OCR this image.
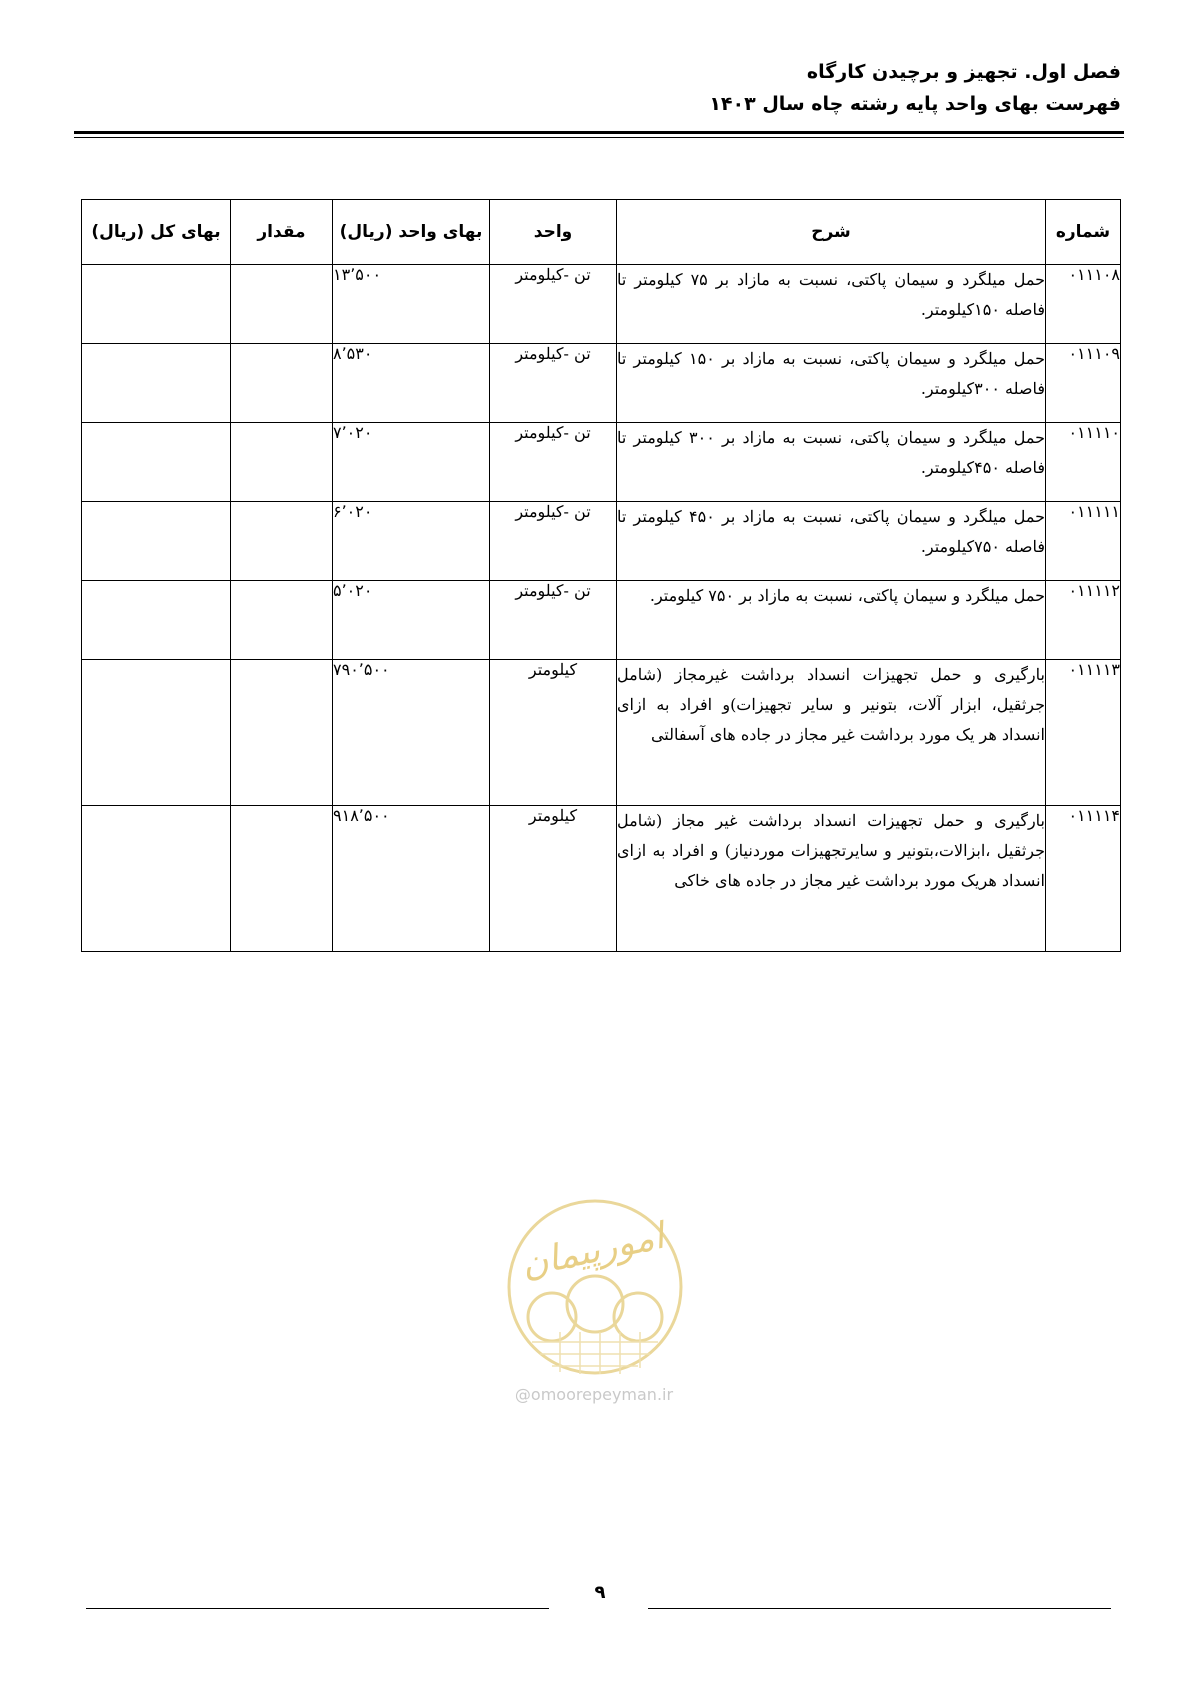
فصل اول. تجهیز و برچیدن کارگاه
فهرست بهای واحد پایه رشته چاه سال ۱۴۰۳
شماره	شرح	واحد	بهای واحد (ریال)	مقدار	بهای کل (ریال)
۰۱۱۱۰۸	حمل میلگرد و سیمان پاکتی، نسبت به مازاد بر ۷۵ کیلومتر تا فاصله ۱۵۰کیلومتر.	تن -کیلومتر	۱۳٬۵۰۰		
۰۱۱۱۰۹	حمل میلگرد و سیمان پاکتی، نسبت به مازاد بر ۱۵۰ کیلومتر تا فاصله ۳۰۰کیلومتر.	تن -کیلومتر	۸٬۵۳۰		
۰۱۱۱۱۰	حمل میلگرد و سیمان پاکتی، نسبت به مازاد بر ۳۰۰ کیلومتر تا فاصله ۴۵۰کیلومتر.	تن -کیلومتر	۷٬۰۲۰		
۰۱۱۱۱۱	حمل میلگرد و سیمان پاکتی، نسبت به مازاد بر ۴۵۰ کیلومتر تا فاصله ۷۵۰کیلومتر.	تن -کیلومتر	۶٬۰۲۰		
۰۱۱۱۱۲	حمل میلگرد و سیمان پاکتی، نسبت به مازاد بر ۷۵۰ کیلومتر.	تن -کیلومتر	۵٬۰۲۰		
۰۱۱۱۱۳	بارگیری و حمل تجهیزات انسداد برداشت غیرمجاز (شامل جرثقیل، ابزار آلات، بتونیر و سایر تجهیزات)و افراد به ازای انسداد هر یک مورد برداشت غیر مجاز در جاده های آسفالتی	کیلومتر	۷۹۰٬۵۰۰		
۰۱۱۱۱۴	بارگیری و حمل تجهیزات انسداد برداشت غیر مجاز (شامل جرثقیل ،ابزالات،بتونیر و سایرتجهیزات موردنیاز) و افراد به ازای انسداد هریک مورد برداشت غیر مجاز در جاده های خاکی	کیلومتر	۹۱۸٬۵۰۰		
امورپیمان
@omoorepeyman.ir
۹
